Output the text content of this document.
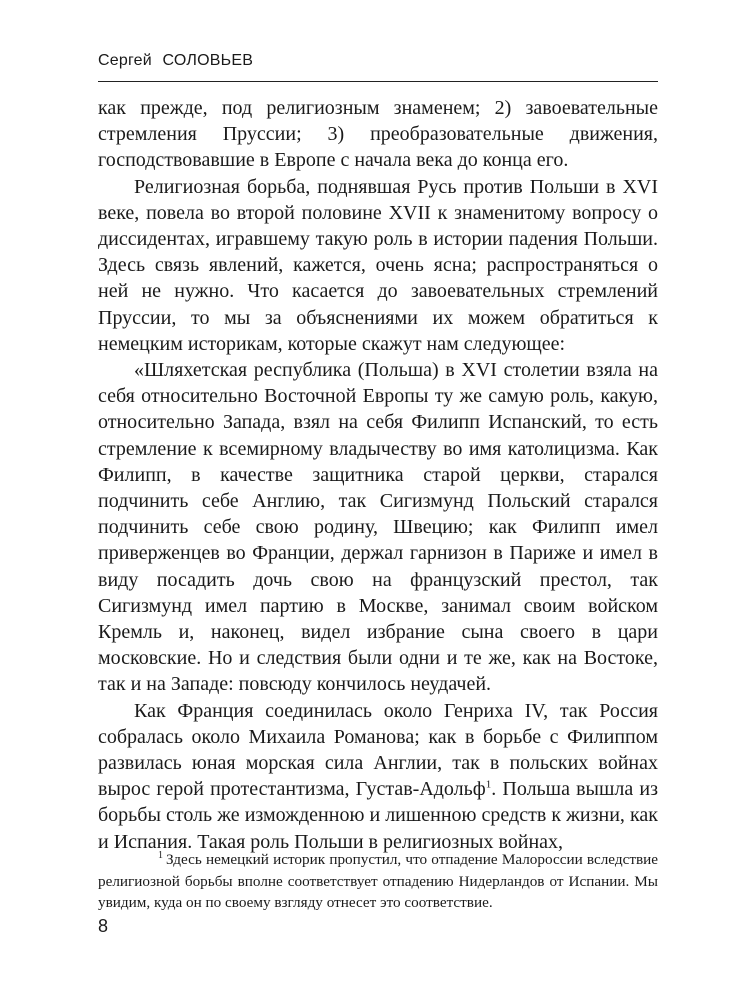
Сергей СОЛОВЬЕВ

как прежде, под религиозным знаменем; 2) завоевательные стремления Пруссии; 3) преобразовательные движения, господствовавшие в Европе с начала века до конца его.

Религиозная борьба, поднявшая Русь против Польши в XVI веке, повела во второй половине XVII к знаменитому вопросу о диссидентах, игравшему такую роль в истории падения Польши. Здесь связь явлений, кажется, очень ясна; распространяться о ней не нужно. Что касается до завоевательных стремлений Пруссии, то мы за объяснениями их можем обратиться к немецким историкам, которые скажут нам следующее:

«Шляхетская республика (Польша) в XVI столетии взяла на себя относительно Восточной Европы ту же самую роль, какую, относительно Запада, взял на себя Филипп Испанский, то есть стремление к всемирному владычеству во имя католицизма. Как Филипп, в качестве защитника старой церкви, старался подчинить себе Англию, так Сигизмунд Польский старался подчинить себе свою родину, Швецию; как Филипп имел приверженцев во Франции, держал гарнизон в Париже и имел в виду посадить дочь свою на французский престол, так Сигизмунд имел партию в Москве, занимал своим войском Кремль и, наконец, видел избрание сына своего в цари московские. Но и следствия были одни и те же, как на Востоке, так и на Западе: повсюду кончилось неудачей.

Как Франция соединилась около Генриха IV, так Россия собралась около Михаила Романова; как в борьбе с Филиппом развилась юная морская сила Англии, так в польских войнах вырос герой протестантизма, Густав-Адольф$^1$. Польша вышла из борьбы столь же изможденною и лишенною средств к жизни, как и Испания. Такая роль Польши в религиозных войнах,

$^1$ Здесь немецкий историк пропустил, что отпадение Малороссии вследствие религиозной борьбы вполне соответствует отпадению Нидерландов от Испании. Мы увидим, куда он по своему взгляду отнесет это соответствие.

8
